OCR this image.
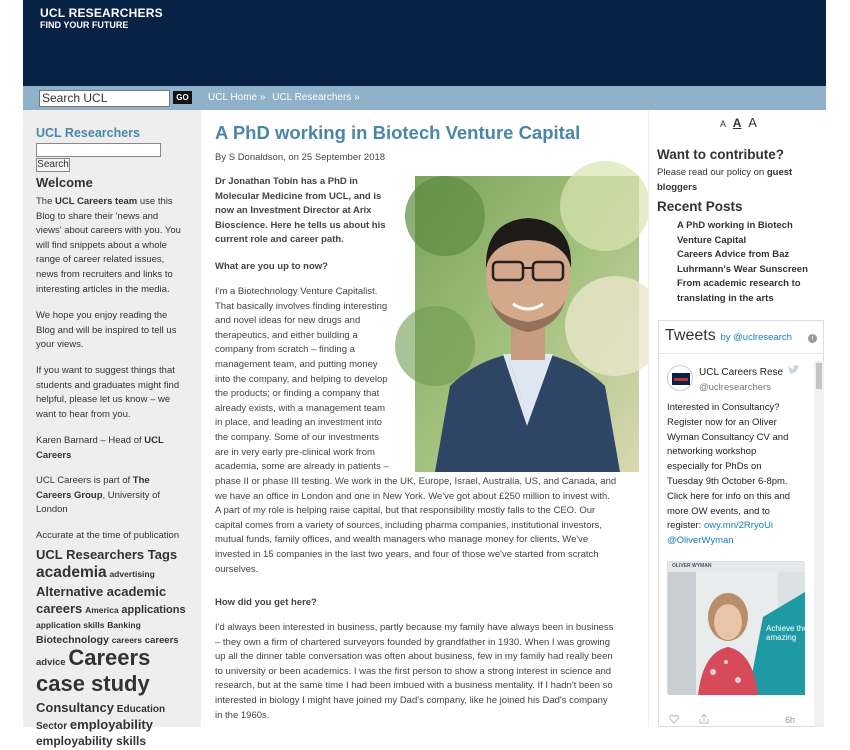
UCL RESEARCHERS
FIND YOUR FUTURE
Search UCL	GO	UCL Home » UCL Researchers »
UCL Researchers
Search
Welcome
The UCL Careers team use this
Blog to share their 'news and
views' about careers with you. You
will find snippets about a whole
range of career related issues,
news from recruiters and links to
interesting articles in the media.
We hope you enjoy reading the
Blog and will be inspired to tell us
your views.
If you want to suggest things that
students and graduates might find
helpful, please let us know – we
want to hear from you.
Karen Barnard – Head of UCL
Careers
UCL Careers is part of The
Careers Group, University of
London
Accurate at the time of publication
UCL Researchers Tags
academia advertising
Alternative academic
careers America applications
application skills Banking
Biotechnology careers careers
advice Careers
case study
Consultancy Education
Sector employability
employability skills
A PhD working in Biotech Venture Capital
By S Donaldson, on 25 September 2018

Dr Jonathan Tobin has a PhD in

Molecular Medicine from UCL, and is

now an Investment Director at Arix

Bioscience. Here he tells us about his

current role and career path.

What are you up to now?

I'm a Biotechnology Venture Capitalist.

That basically involves finding interesting

and novel ideas for new drugs and

therapeutics, and either building a

company from scratch – finding a

management team, and putting money

into the company, and helping to develop

the products; or finding a company that

already exists, with a management team

in place, and leading an investment into

the company. Some of our investments

are in very early pre-clinical work from

academia, some are already in patients –

phase II or phase III testing. We work in the UK, Europe, Israel, Australia, US, and Canada, and

we have an office in London and one in New York. We've got about £250 million to invest with.

A part of my role is helping raise capital, but that responsibility mostly falls to the CEO. Our

capital comes from a variety of sources, including pharma companies, institutional investors,

mutual funds, family offices, and wealth managers who manage money for clients. We've

invested in 15 companies in the last two years, and four of those we've started from scratch

ourselves.

How did you get here?

I'd always been interested in business, partly because my family have always been in business

– they own a firm of chartered surveyors founded by grandfather in 1930. When I was growing

up all the dinner table conversation was often about business, few in my family had really been

to university or been academics. I was the first person to show a strong interest in science and

research, but at the same time I had been imbued with a business mentality. If I hadn't been so

interested in biology I might have joined my Dad's company, like he joined his Dad's company

in the 1960s.

A A A
Want to contribute?
Please read our policy on guest
bloggers
Recent Posts
A PhD working in Biotech
Venture Capital
Careers Advice from Baz
Luhrmann's Wear Sunscreen
From academic research to
translating in the arts
Tweets by @uclresearch	i
UCL Careers Rese
@uclresearchers
Interested in Consultancy?
Register now for an Oliver
Wyman Consultancy CV and
networking workshop
especially for PhDs on
Tuesday 9th October 6-8pm.
Click here for info on this and
more OW events, and to
register: owy.mn/2RryoUi
@OliverWyman
OLIVER WYMAN
Achieve the
amazing
6h
